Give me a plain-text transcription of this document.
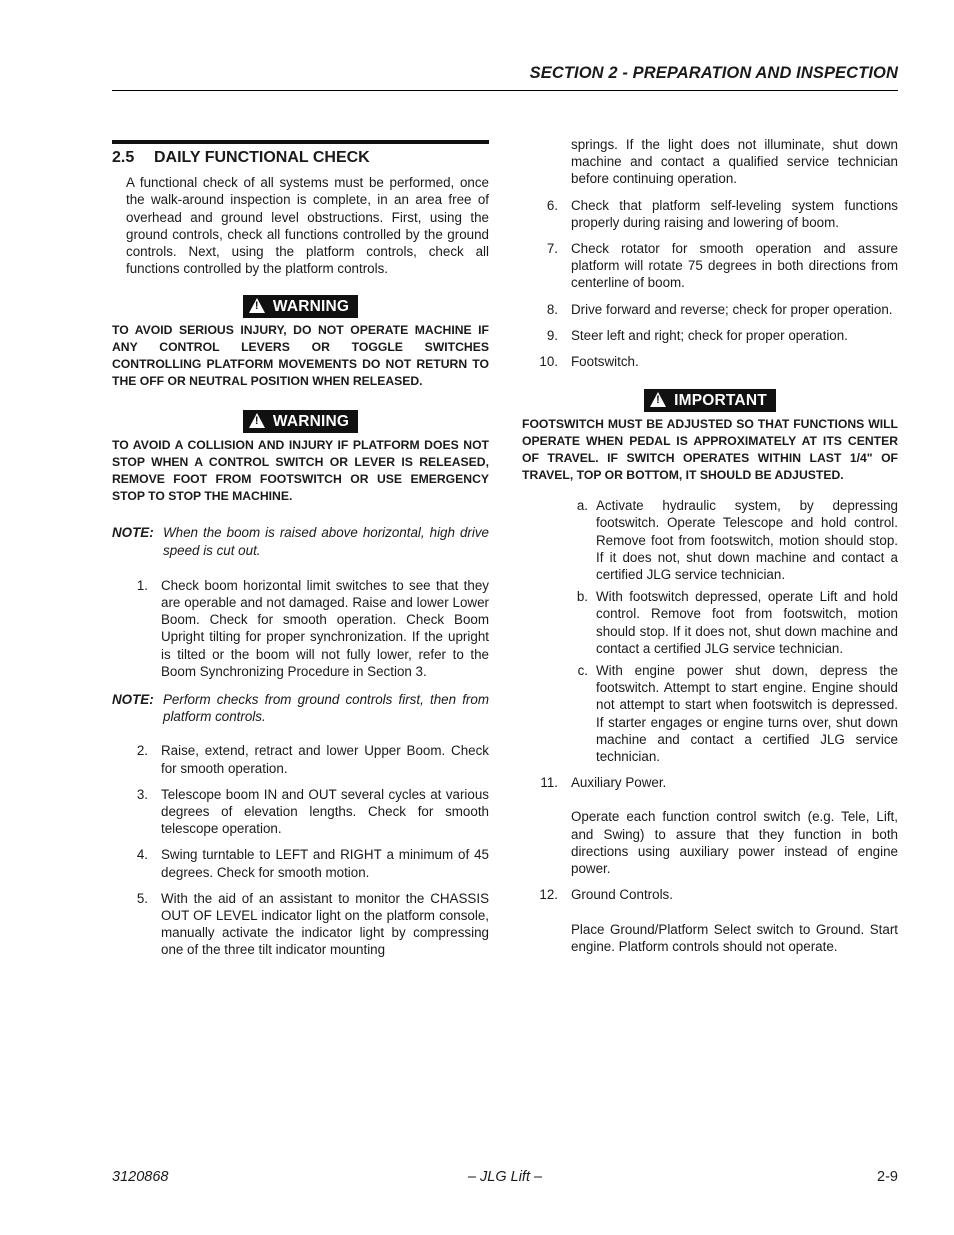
SECTION 2 - PREPARATION AND INSPECTION
2.5 DAILY FUNCTIONAL CHECK

A functional check of all systems must be performed, once the walk-around inspection is complete, in an area free of overhead and ground level obstructions. First, using the ground controls, check all functions controlled by the ground controls. Next, using the platform controls, check all functions controlled by the platform controls.

!WARNING

TO AVOID SERIOUS INJURY, DO NOT OPERATE MACHINE IF ANY CONTROL LEVERS OR TOGGLE SWITCHES CONTROLLING PLATFORM MOVEMENTS DO NOT RETURN TO THE OFF OR NEUTRAL POSITION WHEN RELEASED.

!WARNING

TO AVOID A COLLISION AND INJURY IF PLATFORM DOES NOT STOP WHEN A CONTROL SWITCH OR LEVER IS RELEASED, REMOVE FOOT FROM FOOTSWITCH OR USE EMERGENCY STOP TO STOP THE MACHINE.

NOTE: When the boom is raised above horizontal, high drive speed is cut out.
1. Check boom horizontal limit switches to see that they are operable and not damaged. Raise and lower Lower Boom. Check for smooth operation. Check Boom Upright tilting for proper synchronization. If the upright is tilted or the boom will not fully lower, refer to the Boom Synchronizing Procedure in Section 3.
NOTE: Perform checks from ground controls first, then from platform controls.
2. Raise, extend, retract and lower Upper Boom. Check for smooth operation.
3. Telescope boom IN and OUT several cycles at various degrees of elevation lengths. Check for smooth telescope operation.
4. Swing turntable to LEFT and RIGHT a minimum of 45 degrees. Check for smooth motion.
5. With the aid of an assistant to monitor the CHASSIS OUT OF LEVEL indicator light on the platform console, manually activate the indicator light by compressing one of the three tilt indicator mounting

springs. If the light does not illuminate, shut down machine and contact a qualified service technician before continuing operation.

6. Check that platform self-leveling system functions properly during raising and lowering of boom.
7. Check rotator for smooth operation and assure platform will rotate 75 degrees in both directions from centerline of boom.
8. Drive forward and reverse; check for proper operation.
9. Steer left and right; check for proper operation.
10. Footswitch.
!IMPORTANT

FOOTSWITCH MUST BE ADJUSTED SO THAT FUNCTIONS WILL OPERATE WHEN PEDAL IS APPROXIMATELY AT ITS CENTER OF TRAVEL. IF SWITCH OPERATES WITHIN LAST 1/4" OF TRAVEL, TOP OR BOTTOM, IT SHOULD BE ADJUSTED.

a. Activate hydraulic system, by depressing footswitch. Operate Telescope and hold control. Remove foot from footswitch, motion should stop. If it does not, shut down machine and contact a certified JLG service technician.
b. With footswitch depressed, operate Lift and hold control. Remove foot from footswitch, motion should stop. If it does not, shut down machine and contact a certified JLG service technician.
c. With engine power shut down, depress the footswitch. Attempt to start engine. Engine should not attempt to start when footswitch is depressed. If starter engages or engine turns over, shut down machine and contact a certified JLG service technician.
11. Auxiliary Power.

Operate each function control switch (e.g. Tele, Lift, and Swing) to assure that they function in both directions using auxiliary power instead of engine power.

12. Ground Controls.

Place Ground/Platform Select switch to Ground. Start engine. Platform controls should not operate.

3120868	– JLG Lift –	2-9
